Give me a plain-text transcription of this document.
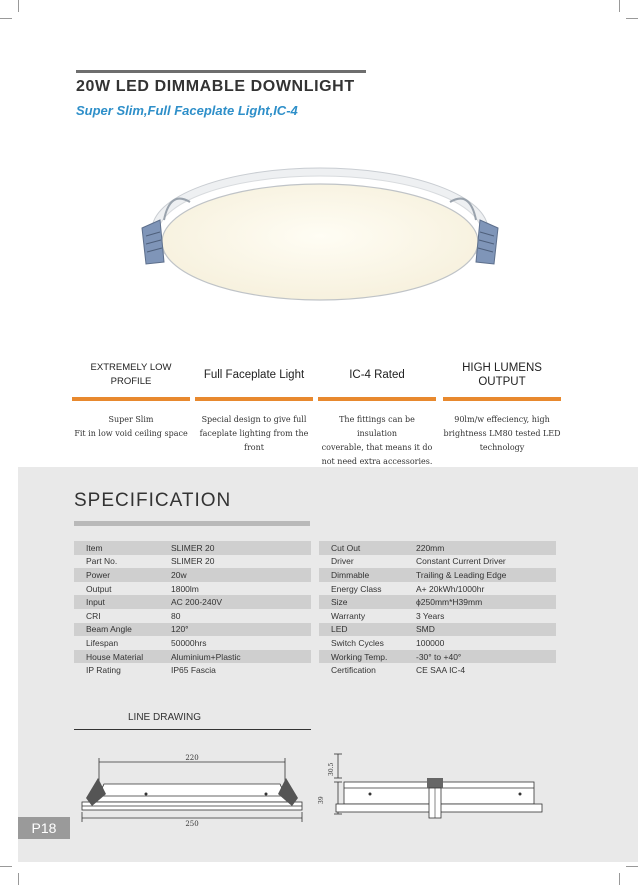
20W LED DIMMABLE DOWNLIGHT
Super Slim,Full Faceplate Light,IC-4
EXTREMELY LOW PROFILE
Super Slim
Fit in low void ceiling space
Full Faceplate Light
Special design to give full
faceplate lighting from the
front
IC-4 Rated
The fittings can be insulation
coverable, that means it do
not need extra accessories.
HIGH LUMENS
OUTPUT
90lm/w effeciency, high
brightness LM80 tested LED
technology
SPECIFICATION
Item	SLIMER 20
Part No.	SLIMER 20
Power	20w
Output	1800lm
Input	AC 200-240V
CRI	80
Beam Angle	120°
Lifespan	50000hrs
House Material	Aluminium+Plastic
IP Rating	IP65 Fascia
Cut Out	220mm
Driver	Constant Current Driver
Dimmable	Trailing & Leading Edge
Energy Class	A+ 20kWh/1000hr
Size	ϕ250mm*H39mm
Warranty	3 Years
LED	SMD
Switch Cycles	100000
Working Temp.	-30° to +40°
Certification	CE SAA IC-4
LINE DRAWING
220
250
30.5
39
P18
